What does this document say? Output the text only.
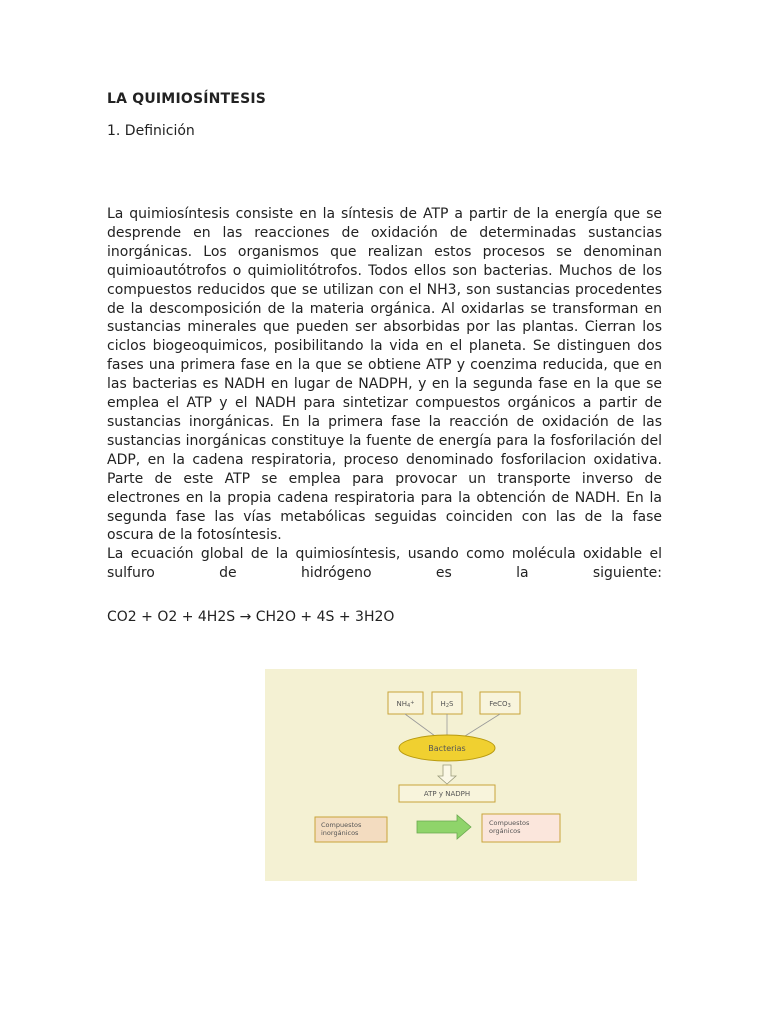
LA QUIMIOSÍNTESIS
1. Definición

La quimiosíntesis consiste en la síntesis de ATP a partir de la energía que se desprende en las reacciones de oxidación de determinadas sustancias inorgánicas. Los organismos que realizan estos procesos se denominan quimioautótrofos o quimiolitótrofos. Todos ellos son bacterias. Muchos de los compuestos reducidos que se utilizan con el NH3, son sustancias procedentes de la descomposición de la materia orgánica. Al oxidarlas se transforman en sustancias minerales que pueden ser absorbidas por las plantas. Cierran los ciclos biogeoquimicos, posibilitando la vida en el planeta. Se distinguen dos fases una primera fase en la que se obtiene ATP y coenzima reducida, que en las bacterias es NADH en lugar de NADPH, y en la segunda fase en la que se emplea el ATP y el NADH para sintetizar compuestos orgánicos a partir de sustancias inorgánicas. En la primera fase la reacción de oxidación de las sustancias inorgánicas constituye la fuente de energía para la fosforilación del ADP, en la cadena respiratoria, proceso denominado fosforilacion oxidativa. Parte de este ATP se emplea para provocar un transporte inverso de electrones en la propia cadena respiratoria para la obtención de NADH. En la segunda fase las vías metabólicas seguidas coinciden con las de la fase oscura de la fotosíntesis.

La ecuación global de la quimiosíntesis, usando como molécula oxidable el sulfuro de hidrógeno es la siguiente:

CO2 + O2 + 4H2S → CH2O + 4S + 3H2O
NH4+	H2S	FeCO3
Bacterias
ATP y NADPH
Compuestos
inorgánicos
Compuestos
orgánicos
